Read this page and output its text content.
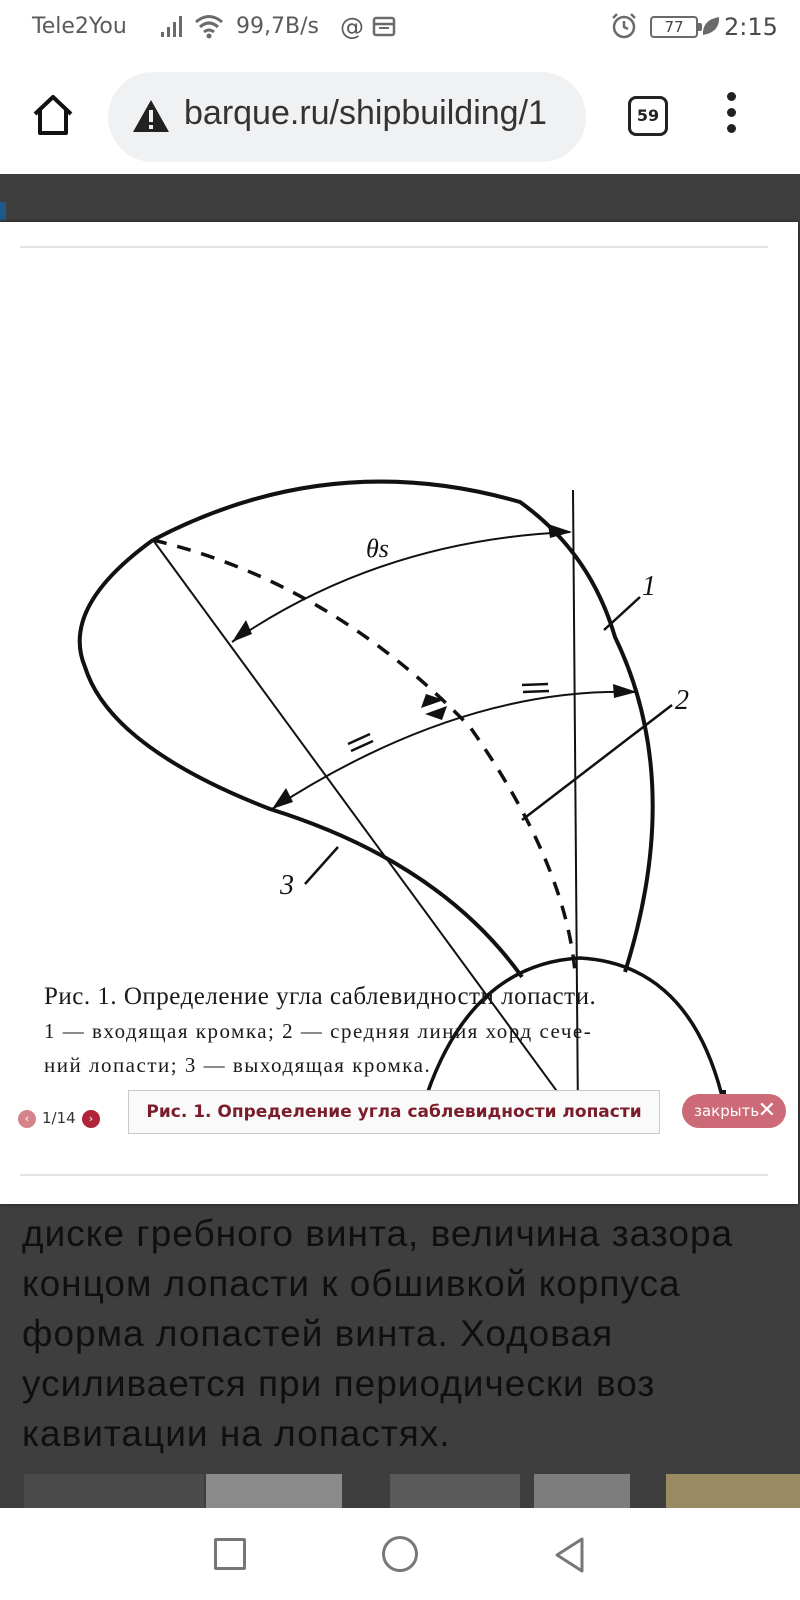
Tele2You	99,7B/s @	77	2:15
barque.ru/shipbuilding/1	59
диске гребного винта, величина зазора
концом лопасти к обшивкой корпуса
форма лопастей винта. Ходовая
усиливается при периодически воз
кавитации на лопастях.
θs
1
2
3
Рис. 1. Определение угла саблевидности лопасти.
1 — входящая кромка; 2 — средняя линия хорд сече-
ний лопасти; 3 — выходящая кромка.
‹ 1/14	›	Рис. 1. Определение угла саблевидности лопасти	закрыть
✕
